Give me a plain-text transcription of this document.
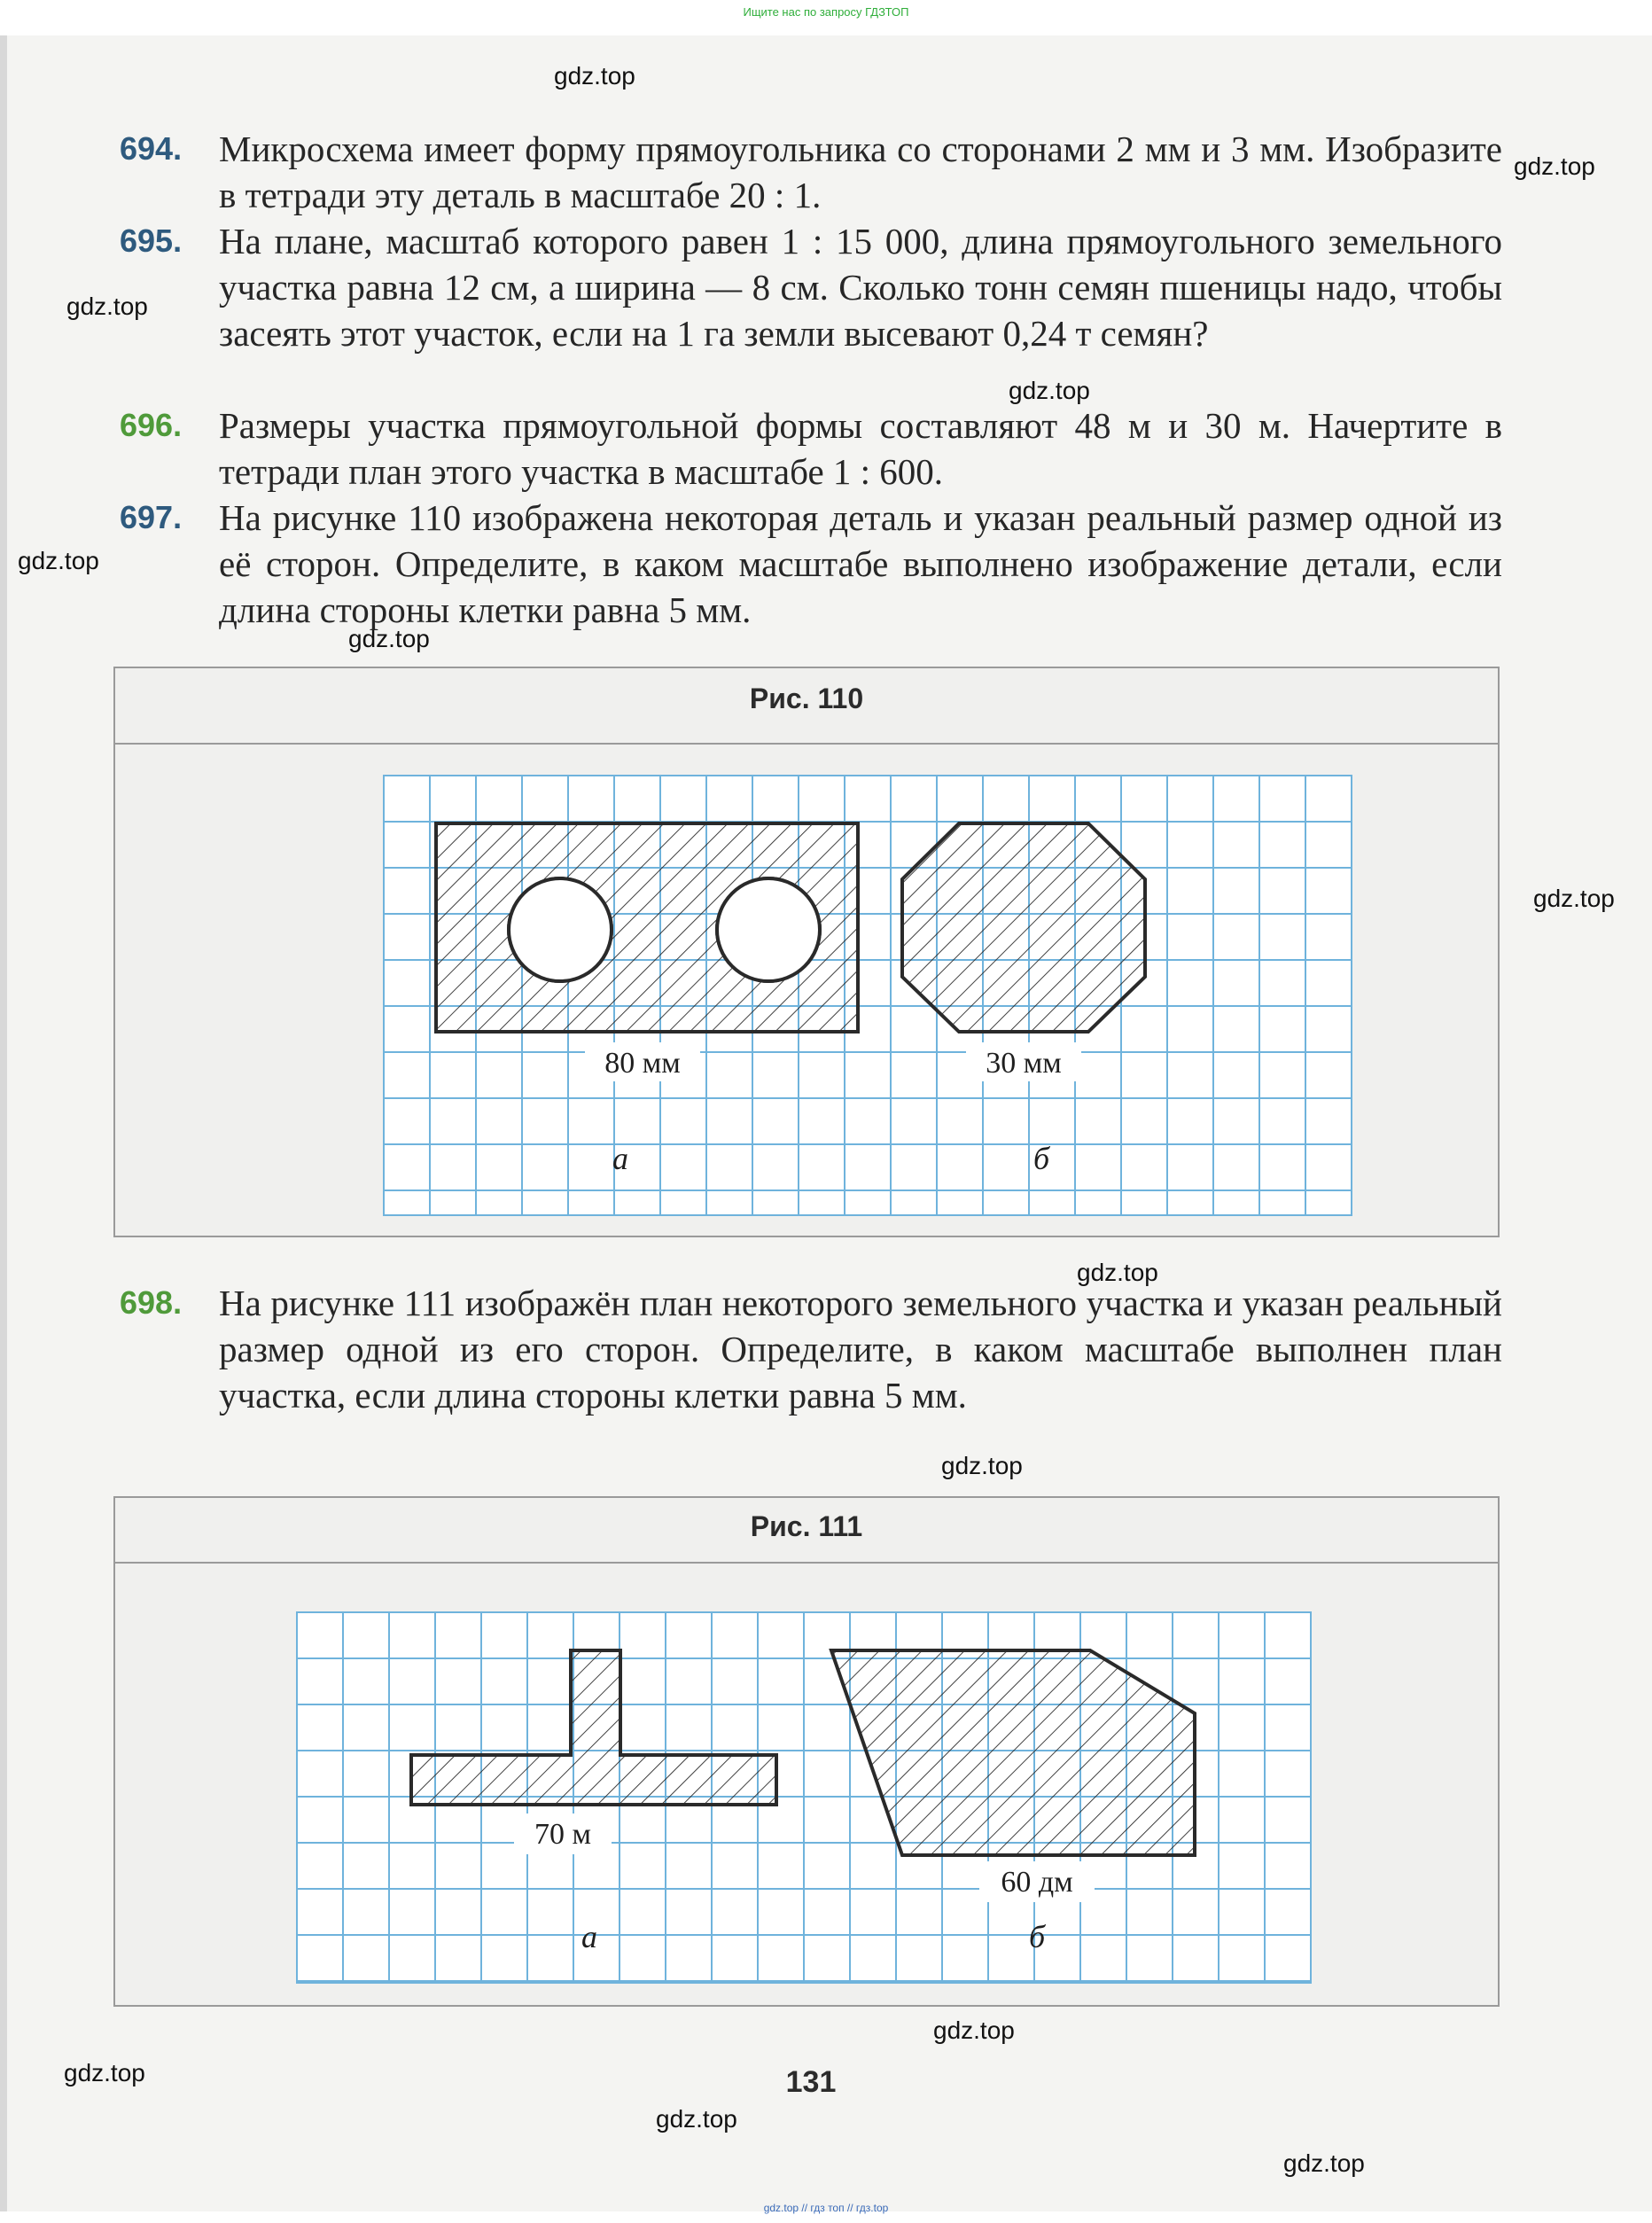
Ищите нас по запросу ГДЗТОП
gdz.top
gdz.top
gdz.top
gdz.top
gdz.top
gdz.top
gdz.top
gdz.top
gdz.top
gdz.top
gdz.top
gdz.top
gdz.top
694. Микросхема имеет форму прямоугольника со сторонами 2 мм и 3 мм. Изобразите в тетради эту деталь в масштабе 20 : 1.
695. На плане, масштаб которого равен 1 : 15 000, длина прямоугольного земельного участка равна 12 см, а ширина — 8 см. Сколько тонн семян пшеницы надо, чтобы засеять этот участок, если на 1 га земли высевают 0,24 т семян?
696. Размеры участка прямоугольной формы составляют 48 м и 30 м. Начертите в тетради план этого участка в масштабе 1 : 600.
697. На рисунке 110 изображена некоторая деталь и указан реальный размер одной из её сторон. Определите, в каком масштабе выполнено изображение детали, если длина стороны клетки равна 5 мм.
Рис. 110
80 мм	30 мм
а	б
698. На рисунке 111 изображён план некоторого земельного участка и указан реальный размер одной из его сторон. Определите, в каком масштабе выполнен план участка, если длина стороны клетки равна 5 мм.
Рис. 111
70 м
60 дм
а	б
131
gdz.top // гдз топ // гдз.top
